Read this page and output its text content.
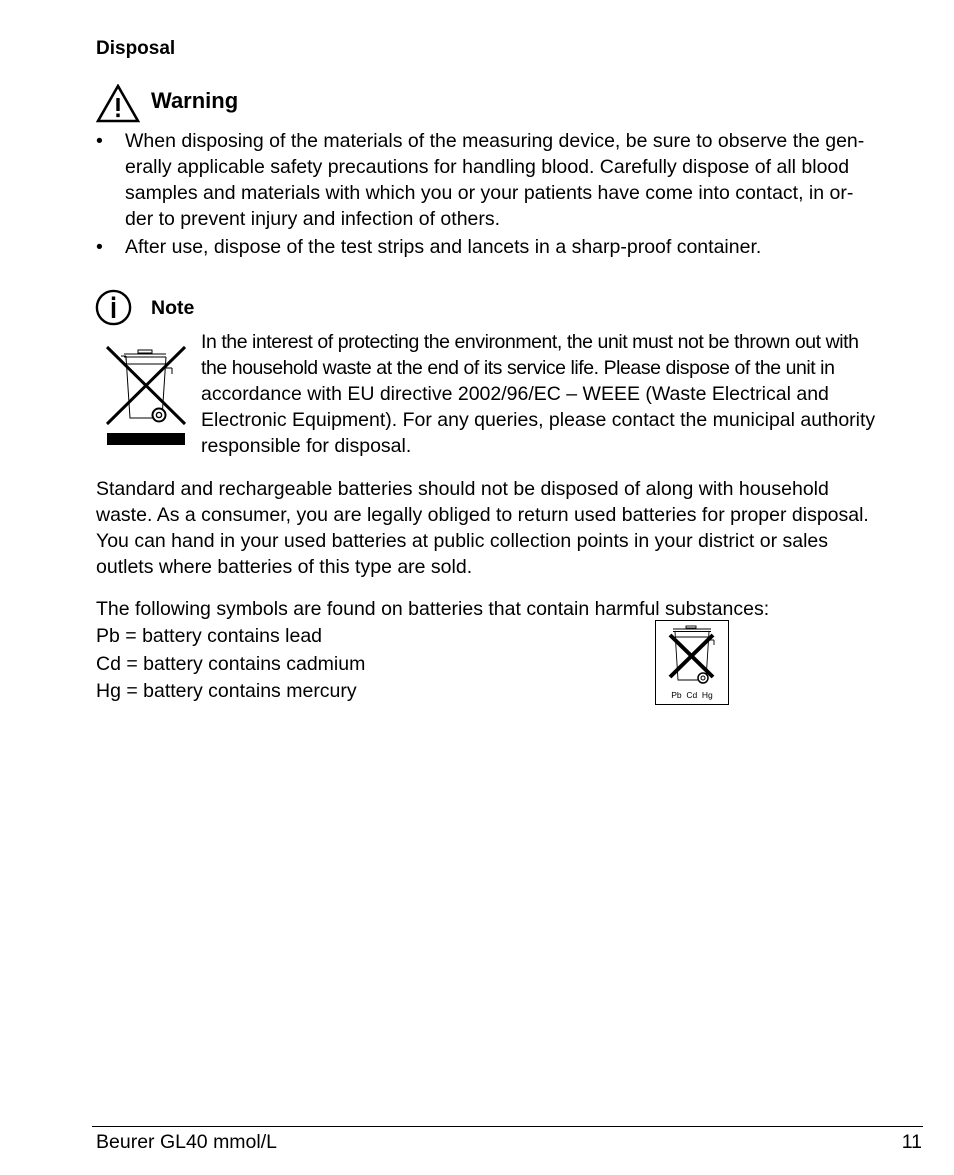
Disposal
Warning
• When disposing of the materials of the measuring device, be sure to observe the gen-
erally applicable safety precautions for handling blood. Carefully dispose of all blood
samples and materials with which you or your patients have come into contact, in or-
der to prevent injury and infection of others.
• After use, dispose of the test strips and lancets in a sharp-proof container.
Note
In the interest of protecting the environment, the unit must not be thrown out with
the household waste at the end of its service life. Please dispose of the unit in
accordance with EU directive 2002/96/EC – WEEE (Waste Electrical and
Electronic Equipment). For any queries, please contact the municipal authority
responsible for disposal.
Standard and rechargeable batteries should not be disposed of along with household
waste. As a consumer, you are legally obliged to return used batteries for proper disposal.
You can hand in your used batteries at public collection points in your district or sales
outlets where batteries of this type are sold.
The following symbols are found on batteries that contain harmful substances:
Pb = battery contains lead
Cd = battery contains cadmium
Hg = battery contains mercury	Pb  Cd  Hg
Beurer GL40 mmol/L	11
